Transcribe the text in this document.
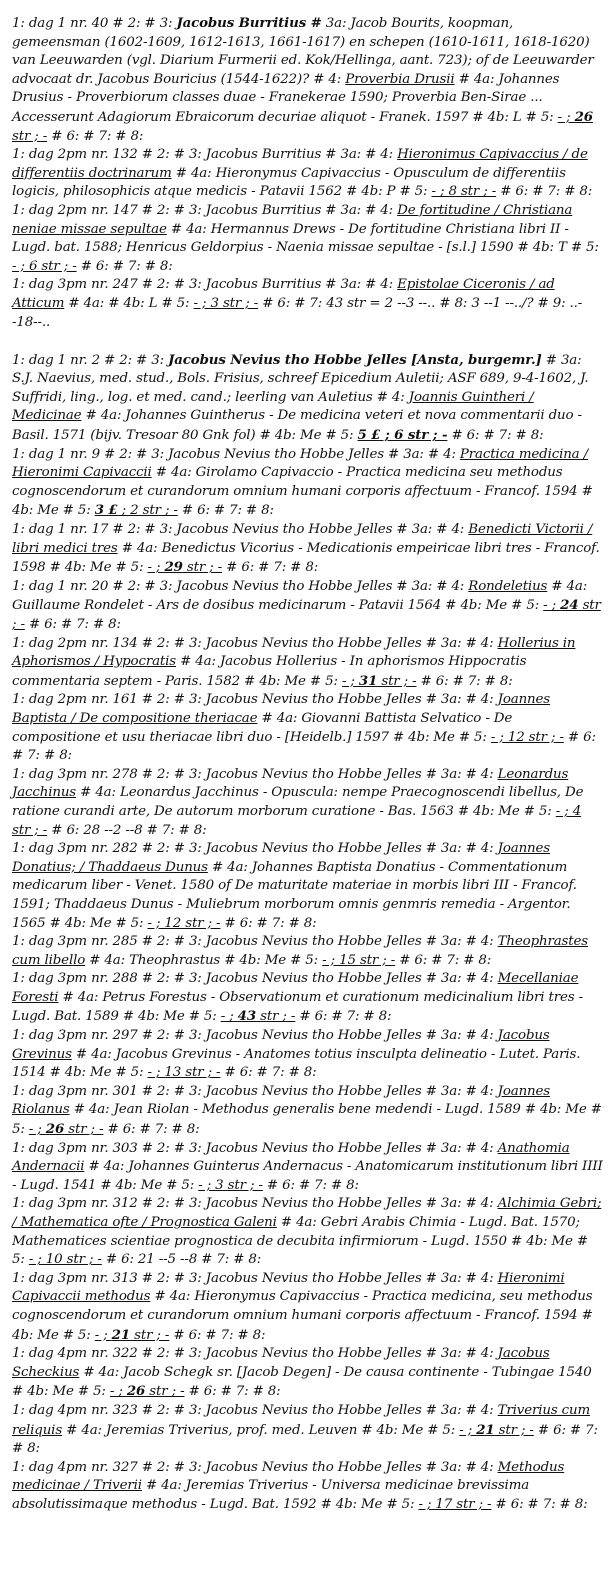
1: dag 1 nr. 40 # 2: # 3: Jacobus Burritius # 3a: Jacob Bourits, koopman, gemeensman (1602-1609, 1612-1613, 1661-1617) en schepen (1610-1611, 1618-1620) van Leeuwarden (vgl. Diarium Furmerii ed. Kok/Hellinga, aant. 723); of de Leeuwarder advocaat dr. Jacobus Bouricius (1544-1622)? # 4: Proverbia Drusii # 4a: Johannes Drusius - Proverbiorum classes duae - Franekerae 1590; Proverbia Ben-Sirae ... Accesserunt Adagiorum Ebraicorum decuriae aliquot - Franek. 1597 # 4b: L # 5: - ; 26 str ; - # 6: # 7: # 8:

1: dag 2pm nr. 132 # 2: # 3: Jacobus Burritius # 3a: # 4: Hieronimus Capivaccius / de differentiis doctrinarum # 4a: Hieronymus Capivaccius - Opusculum de differentiis logicis, philosophicis atque medicis - Patavii 1562 # 4b: P # 5: - ; 8 str ; - # 6: # 7: # 8:

1: dag 2pm nr. 147 # 2: # 3: Jacobus Burritius # 3a: # 4: De fortitudine / Christiana neniae missae sepultae # 4a: Hermannus Drews - De fortitudine Christiana libri II - Lugd. bat. 1588; Henricus Geldorpius - Naenia missae sepultae - [s.l.] 1590 # 4b: T # 5: - ; 6 str ; - # 6: # 7: # 8:

1: dag 3pm nr. 247 # 2: # 3: Jacobus Burritius # 3a: # 4: Epistolae Ciceronis / ad Atticum # 4a: # 4b: L # 5: - ; 3 str ; - # 6: # 7: 43 str = 2 --3 --.. # 8: 3 --1 --../? # 9: ..--18--..

1: dag 1 nr. 2 # 2: # 3: Jacobus Nevius tho Hobbe Jelles [Ansta, burgemr.] # 3a: S.J. Naevius, med. stud., Bols. Frisius, schreef Epicedium Auletii; ASF 689, 9-4-1602, J. Suffridi, ling., log. et med. cand.; leerling van Auletius # 4: Joannis Guintheri / Medicinae # 4a: Johannes Guintherus - De medicina veteri et nova commentarii duo - Basil. 1571 (bijv. Tresoar 80 Gnk fol) # 4b: Me # 5: 5 £ ; 6 str ; - # 6: # 7: # 8:

1: dag 1 nr. 9 # 2: # 3: Jacobus Nevius tho Hobbe Jelles # 3a: # 4: Practica medicina / Hieronimi Capivaccii # 4a: Girolamo Capivaccio - Practica medicina seu methodus cognoscendorum et curandorum omnium humani corporis affectuum - Francof. 1594 # 4b: Me # 5: 3 £ ; 2 str ; - # 6: # 7: # 8:

1: dag 1 nr. 17 # 2: # 3: Jacobus Nevius tho Hobbe Jelles # 3a: # 4: Benedicti Victorii / libri medici tres # 4a: Benedictus Vicorius - Medicationis empeiricae libri tres - Francof. 1598 # 4b: Me # 5: - ; 29 str ; - # 6: # 7: # 8:

1: dag 1 nr. 20 # 2: # 3: Jacobus Nevius tho Hobbe Jelles # 3a: # 4: Rondeletius # 4a: Guillaume Rondelet - Ars de dosibus medicinarum - Patavii 1564 # 4b: Me # 5: - ; 24 str ; - # 6: # 7: # 8:

1: dag 2pm nr. 134 # 2: # 3: Jacobus Nevius tho Hobbe Jelles # 3a: # 4: Hollerius in Aphorismos / Hypocratis # 4a: Jacobus Hollerius - In aphorismos Hippocratis commentaria septem - Paris. 1582 # 4b: Me # 5: - ; 31 str ; - # 6: # 7: # 8:

1: dag 2pm nr. 161 # 2: # 3: Jacobus Nevius tho Hobbe Jelles # 3a: # 4: Joannes Baptista / De compositione theriacae # 4a: Giovanni Battista Selvatico - De compositione et usu theriacae libri duo - [Heidelb.] 1597 # 4b: Me # 5: - ; 12 str ; - # 6: # 7: # 8:

1: dag 3pm nr. 278 # 2: # 3: Jacobus Nevius tho Hobbe Jelles # 3a: # 4: Leonardus Jacchinus # 4a: Leonardus Jacchinus - Opuscula: nempe Praecognoscendi libellus, De ratione curandi arte, De autorum morborum curatione - Bas. 1563 # 4b: Me # 5: - ; 4 str ; - # 6: 28 --2 --8 # 7: # 8:

1: dag 3pm nr. 282 # 2: # 3: Jacobus Nevius tho Hobbe Jelles # 3a: # 4: Joannes Donatius; / Thaddaeus Dunus # 4a: Johannes Baptista Donatius - Commentationum medicarum liber - Venet. 1580 of De maturitate materiae in morbis libri III - Francof. 1591; Thaddaeus Dunus - Muliebrum morborum omnis genmris remedia - Argentor. 1565 # 4b: Me # 5: - ; 12 str ; - # 6: # 7: # 8:

1: dag 3pm nr. 285 # 2: # 3: Jacobus Nevius tho Hobbe Jelles # 3a: # 4: Theophrastes cum libello # 4a: Theophrastus # 4b: Me # 5: - ; 15 str ; - # 6: # 7: # 8:

1: dag 3pm nr. 288 # 2: # 3: Jacobus Nevius tho Hobbe Jelles # 3a: # 4: Mecellaniae Foresti # 4a: Petrus Forestus - Observationum et curationum medicinalium libri tres - Lugd. Bat. 1589 # 4b: Me # 5: - ; 43 str ; - # 6: # 7: # 8:

1: dag 3pm nr. 297 # 2: # 3: Jacobus Nevius tho Hobbe Jelles # 3a: # 4: Jacobus Grevinus # 4a: Jacobus Grevinus - Anatomes totius insculpta delineatio - Lutet. Paris. 1514 # 4b: Me # 5: - ; 13 str ; - # 6: # 7: # 8:

1: dag 3pm nr. 301 # 2: # 3: Jacobus Nevius tho Hobbe Jelles # 3a: # 4: Joannes Riolanus # 4a: Jean Riolan - Methodus generalis bene medendi - Lugd. 1589 # 4b: Me # 5: - ; 26 str ; - # 6: # 7: # 8:

1: dag 3pm nr. 303 # 2: # 3: Jacobus Nevius tho Hobbe Jelles # 3a: # 4: Anathomia Andernacii # 4a: Johannes Guinterus Andernacus - Anatomicarum institutionum libri IIII - Lugd. 1541 # 4b: Me # 5: - ; 3 str ; - # 6: # 7: # 8:

1: dag 3pm nr. 312 # 2: # 3: Jacobus Nevius tho Hobbe Jelles # 3a: # 4: Alchimia Gebri; / Mathematica ofte / Prognostica Galeni # 4a: Gebri Arabis Chimia - Lugd. Bat. 1570; Mathematices scientiae prognostica de decubita infirmiorum - Lugd. 1550 # 4b: Me # 5: - ; 10 str ; - # 6: 21 --5 --8 # 7: # 8:

1: dag 3pm nr. 313 # 2: # 3: Jacobus Nevius tho Hobbe Jelles # 3a: # 4: Hieronimi Capivaccii methodus # 4a: Hieronymus Capivaccius - Practica medicina, seu methodus cognoscendorum et curandorum omnium humani corporis affectuum - Francof. 1594 # 4b: Me # 5: - ; 21 str ; - # 6: # 7: # 8:

1: dag 4pm nr. 322 # 2: # 3: Jacobus Nevius tho Hobbe Jelles # 3a: # 4: Jacobus Scheckius # 4a: Jacob Schegk sr. [Jacob Degen] - De causa continente - Tubingae 1540 # 4b: Me # 5: - ; 26 str ; - # 6: # 7: # 8:

1: dag 4pm nr. 323 # 2: # 3: Jacobus Nevius tho Hobbe Jelles # 3a: # 4: Triverius cum reliquis # 4a: Jeremias Triverius, prof. med. Leuven # 4b: Me # 5: - ; 21 str ; - # 6: # 7: # 8:

1: dag 4pm nr. 327 # 2: # 3: Jacobus Nevius tho Hobbe Jelles # 3a: # 4: Methodus medicinae / Triverii # 4a: Jeremias Triverius - Universa medicinae brevissima absolutissimaque methodus - Lugd. Bat. 1592 # 4b: Me # 5: - ; 17 str ; - # 6: # 7: # 8:
